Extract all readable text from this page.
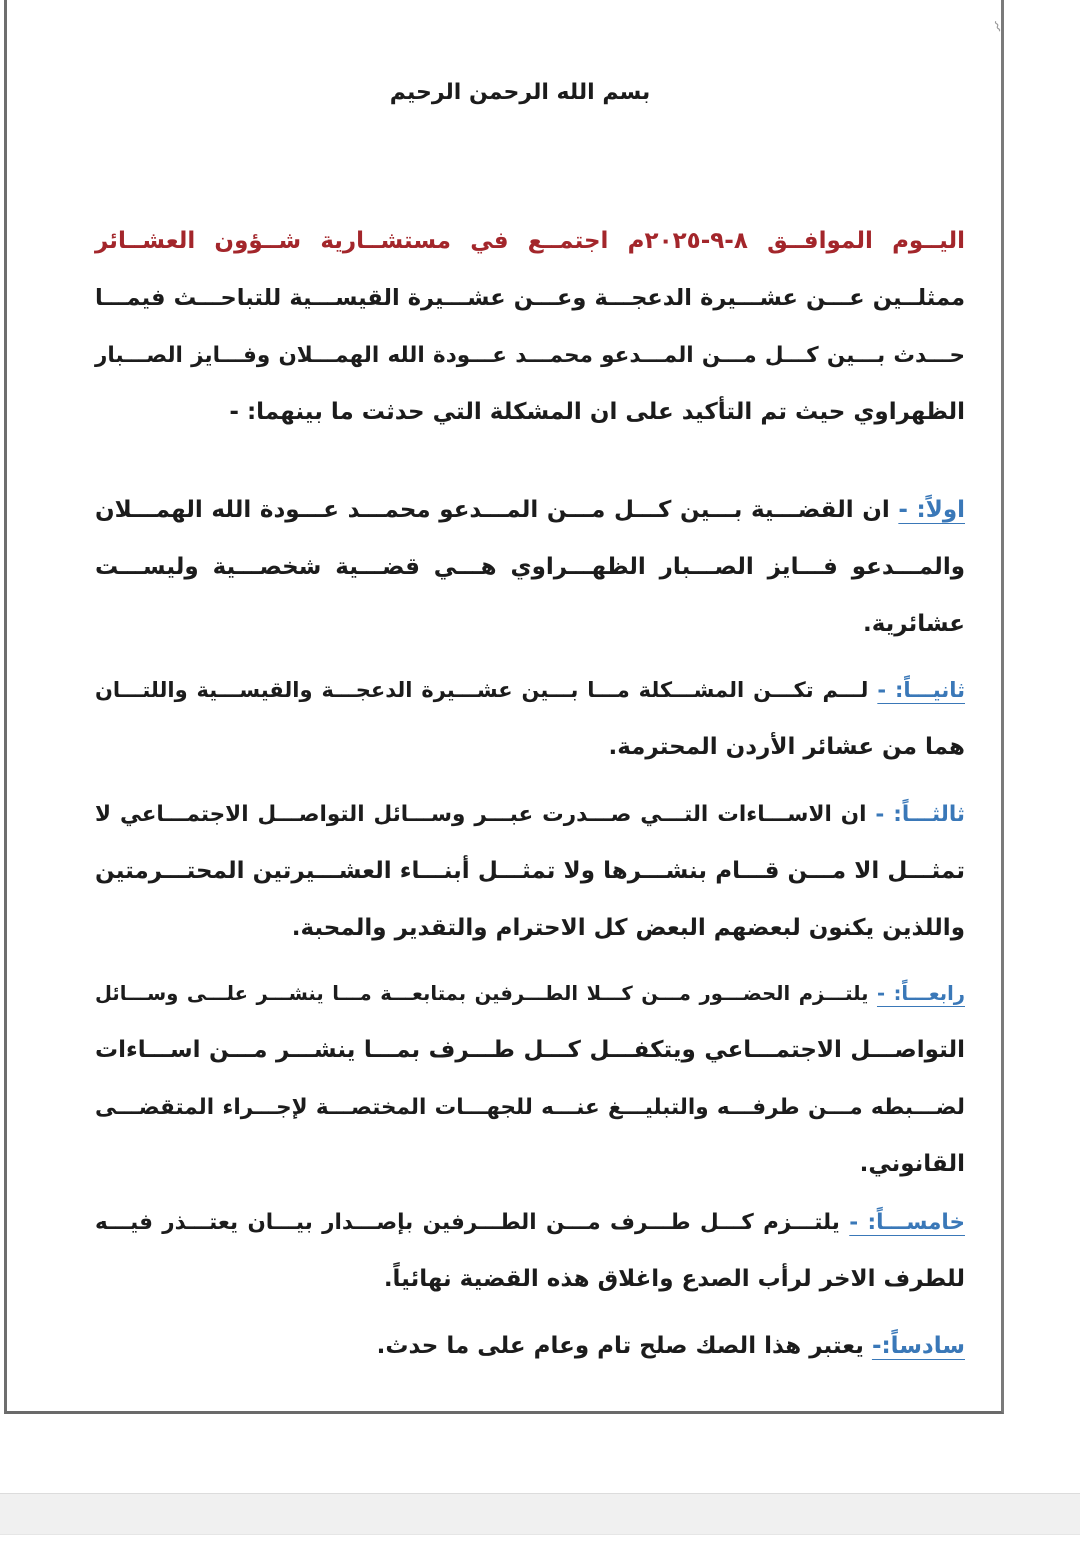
⌇
بسم الله الرحمن الرحيم
اليــوم الموافــق ٨-٩-٢٠٢٥م اجتمــع في مستشــارية شــؤون العشــائر
ممثلــين عـــن عشـــيرة الدعجـــة وعـــن عشـــيرة القيســـية للتباحـــث فيمـــا
حـــدث بـــين كـــل مـــن المـــدعو محمـــد عـــودة الله الهمـــلان وفـــايز الصـــبار
الظهراوي حيث تم التأكيد على ان المشكلة التي حدثت ما بينهما: -
اولاً: - ان القضـــية بـــين كـــل مـــن المـــدعو محمـــد عـــودة الله الهمـــلان
والمـــدعو فـــايز الصـــبار الظهـــراوي هـــي قضـــية شخصـــية وليســـت
عشائرية.
ثانيـــاً: - لـــم تكـــن المشـــكلة مـــا بـــين عشـــيرة الدعجـــة والقيســـية واللتـــان
هما من عشائر الأردن المحترمة.
ثالثـــاً: - ان الاســـاءات التـــي صـــدرت عبـــر وســـائل التواصـــل الاجتمـــاعي لا
تمثـــل الا مـــن قـــام بنشـــرها ولا تمثـــل أبنـــاء العشـــيرتين المحتـــرمتين
واللذين يكنون لبعضهم البعض كل الاحترام والتقدير والمحبة.
رابعـــاً: - يلتـــزم الحضـــور مـــن كـــلا الطـــرفين بمتابعـــة مـــا ينشـــر علـــى وســـائل
التواصـــل الاجتمـــاعي ويتكفـــل كـــل طـــرف بمـــا ينشـــر مـــن اســـاءات
لضـــبطه مـــن طرفـــه والتبليـــغ عنـــه للجهـــات المختصـــة لإجـــراء المتقضـــى
القانوني.
خامســـاً: - يلتـــزم كـــل طـــرف مـــن الطـــرفين بإصـــدار بيـــان يعتـــذر فيـــه
للطرف الاخر لرأب الصدع واغلاق هذه القضية نهائياً.
سادساً:- يعتبر هذا الصك صلح تام وعام على ما حدث.
